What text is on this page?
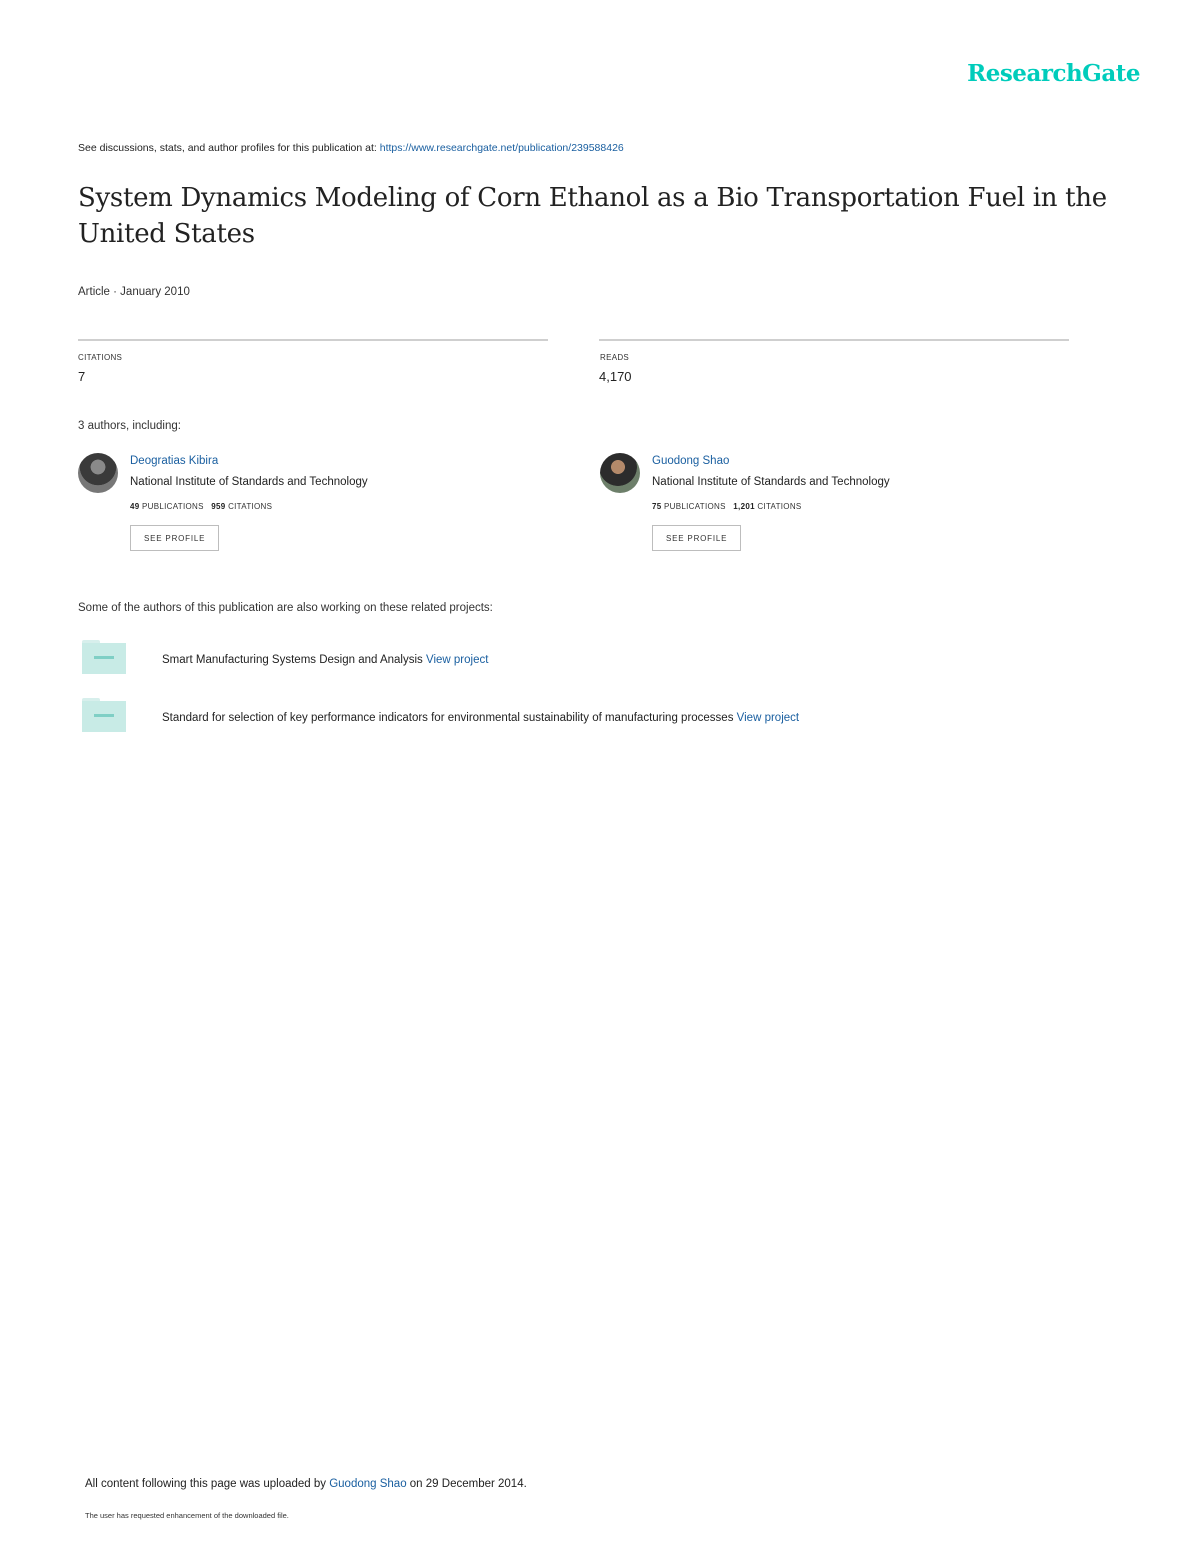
ResearchGate
See discussions, stats, and author profiles for this publication at: https://www.researchgate.net/publication/239588426
System Dynamics Modeling of Corn Ethanol as a Bio Transportation Fuel in the United States
Article · January 2010
CITATIONS
7
READS
4,170
3 authors, including:
Deogratias Kibira
National Institute of Standards and Technology
49 PUBLICATIONS 959 CITATIONS
SEE PROFILE
Guodong Shao
National Institute of Standards and Technology
75 PUBLICATIONS 1,201 CITATIONS
SEE PROFILE
Some of the authors of this publication are also working on these related projects:
Smart Manufacturing Systems Design and Analysis View project
Standard for selection of key performance indicators for environmental sustainability of manufacturing processes View project
All content following this page was uploaded by Guodong Shao on 29 December 2014.
The user has requested enhancement of the downloaded file.
